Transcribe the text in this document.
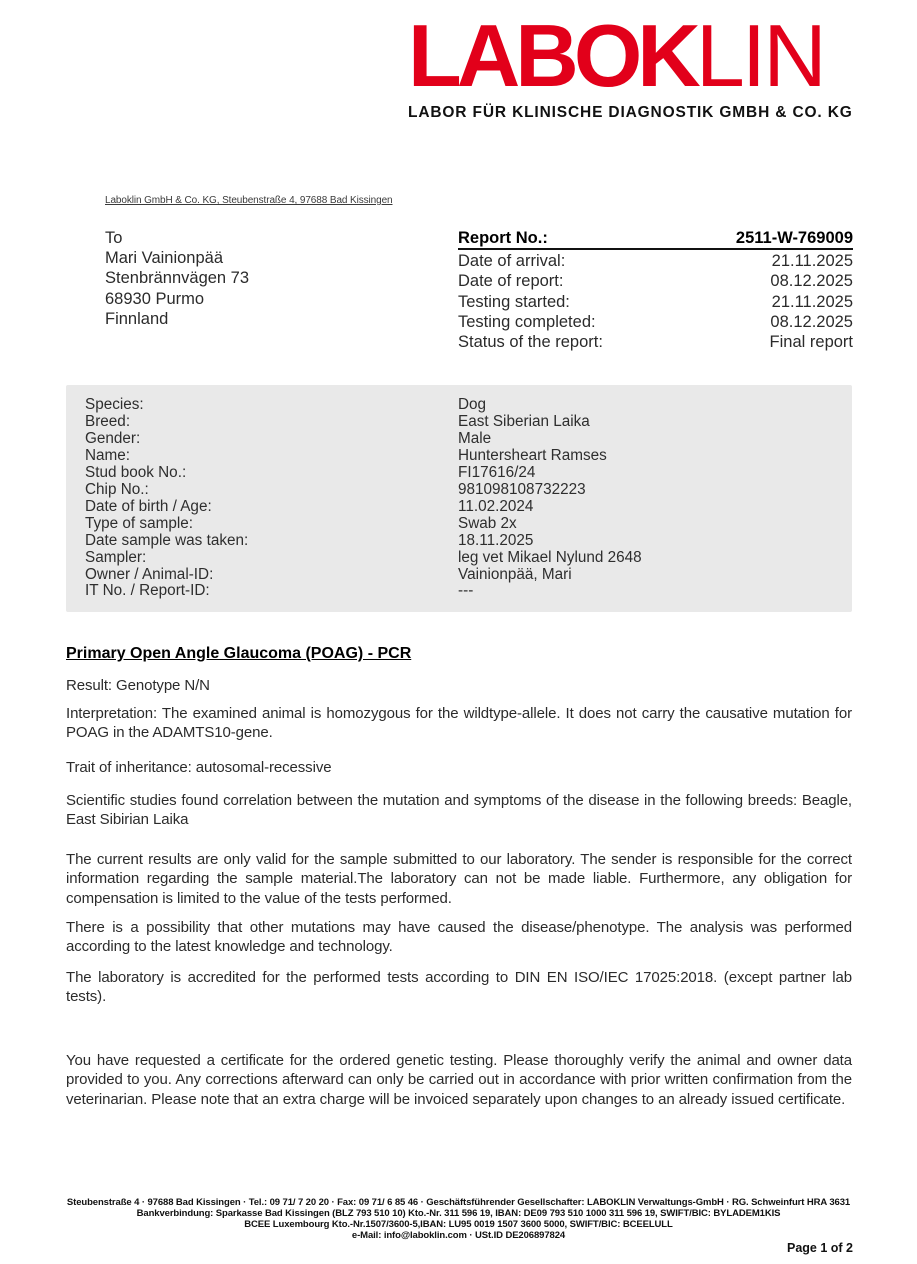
LABOKLIN
LABOR FÜR KLINISCHE DIAGNOSTIK GMBH & CO. KG
Laboklin GmbH & Co. KG, Steubenstraße 4, 97688 Bad Kissingen
To
Mari Vainionpää
Stenbrännvägen 73
68930 Purmo
Finnland
Report No.:	2511-W-769009
Date of arrival:	21.11.2025
Date of report:	08.12.2025
Testing started:	21.11.2025
Testing completed:	08.12.2025
Status of the report:	Final report
Species:	Dog
Breed:	East Siberian Laika
Gender:	Male
Name:	Huntersheart Ramses
Stud book No.:	FI17616/24
Chip No.:	981098108732223
Date of birth / Age:	11.02.2024
Type of sample:	Swab 2x
Date sample was taken:	18.11.2025
Sampler:	leg vet Mikael Nylund 2648
Owner / Animal-ID:	Vainionpää, Mari
IT No. / Report-ID:	---
Primary Open Angle Glaucoma (POAG) - PCR

Result: Genotype N/N

Interpretation: The examined animal is homozygous for the wildtype-allele. It does not carry the causative mutation for POAG in the ADAMTS10-gene.

Trait of inheritance: autosomal-recessive

Scientific studies found correlation between the mutation and symptoms of the disease in the following breeds: Beagle, East Sibirian Laika

The current results are only valid for the sample submitted to our laboratory. The sender is responsible for the correct information regarding the sample material.The laboratory can not be made liable. Furthermore, any obligation for compensation is limited to the value of the tests performed.

There is a possibility that other mutations may have caused the disease/phenotype. The analysis was performed according to the latest knowledge and technology.

The laboratory is accredited for the performed tests according to DIN EN ISO/IEC 17025:2018. (except partner lab tests).

You have requested a certificate for the ordered genetic testing. Please thoroughly verify the animal and owner data provided to you. Any corrections afterward can only be carried out in accordance with prior written confirmation from the veterinarian. Please note that an extra charge will be invoiced separately upon changes to an already issued certificate.

Steubenstraße 4 · 97688 Bad Kissingen · Tel.: 09 71/ 7 20 20 · Fax: 09 71/ 6 85 46 · Geschäftsführender Gesellschafter: LABOKLIN Verwaltungs-GmbH · RG. Schweinfurt HRA 3631
Bankverbindung: Sparkasse Bad Kissingen (BLZ 793 510 10) Kto.-Nr. 311 596 19, IBAN: DE09 793 510 1000 311 596 19, SWIFT/BIC: BYLADEM1KIS
BCEE Luxembourg Kto.-Nr.1507/3600-5,IBAN: LU95 0019 1507 3600 5000, SWIFT/BIC: BCEELULL
e-Mail: info@laboklin.com · USt.ID DE206897824
Page 1 of 2
